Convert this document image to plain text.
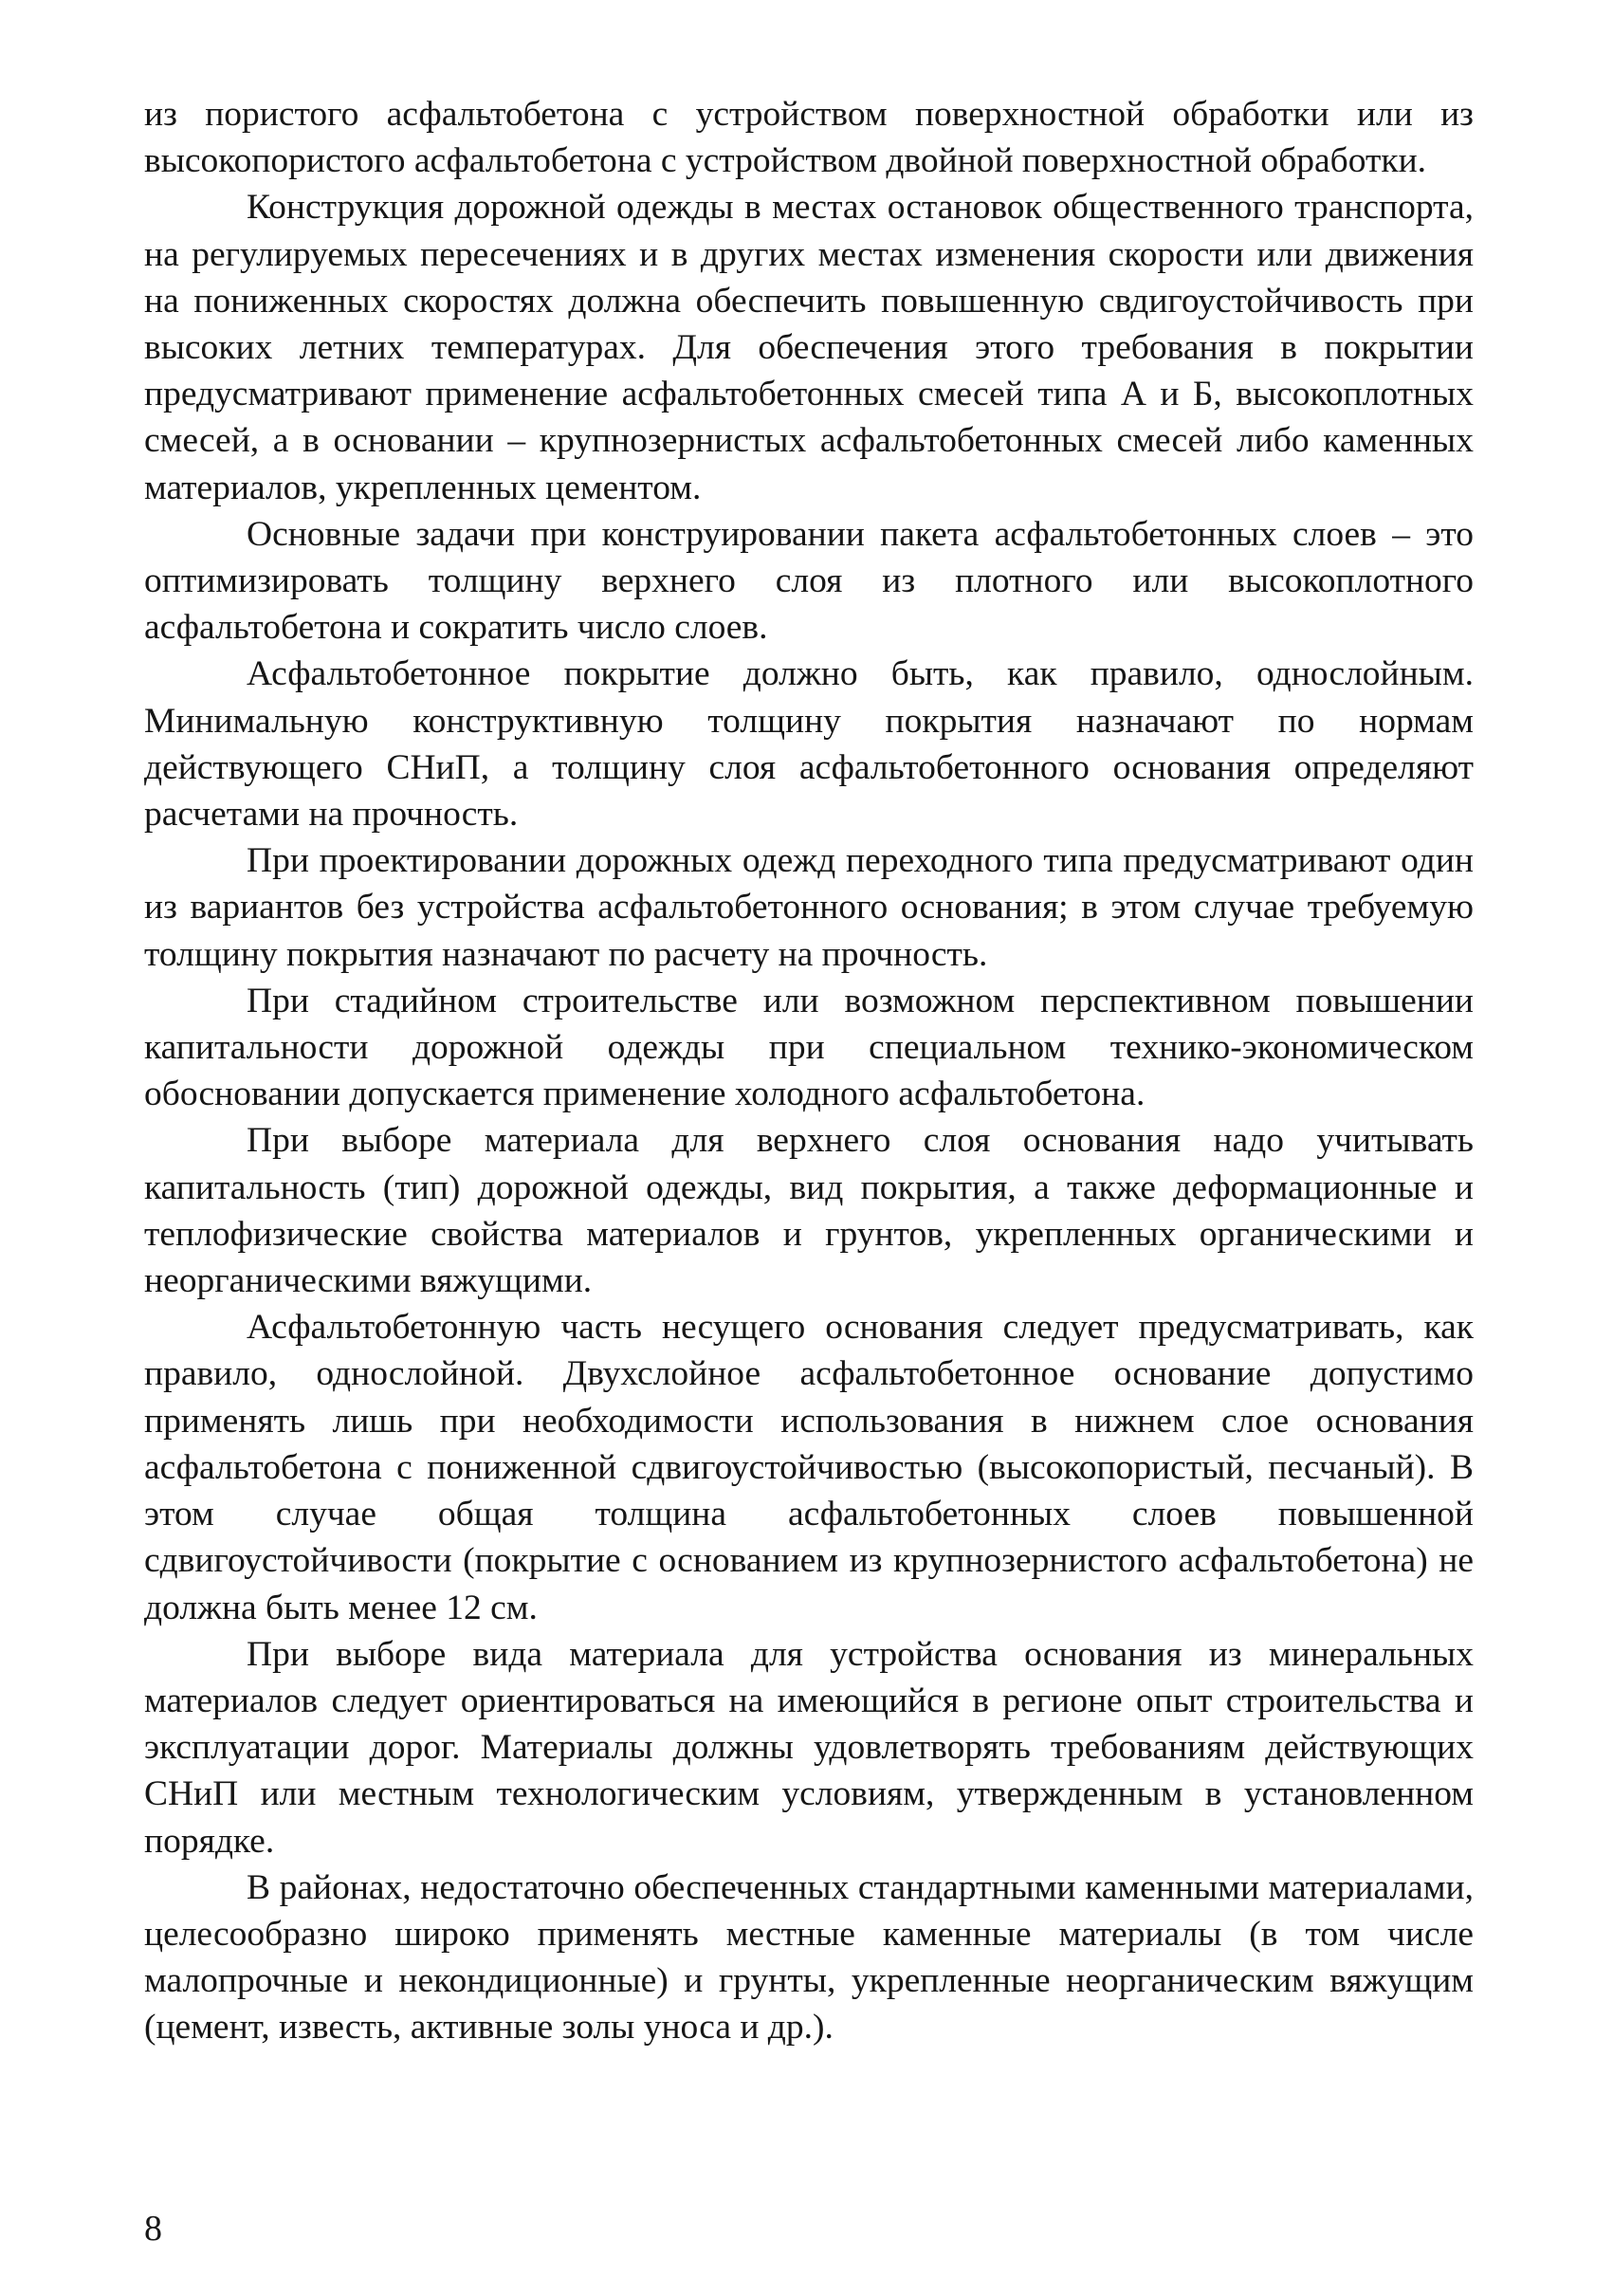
из пористого асфальтобетона с устройством поверхностной обработки или из высокопористого асфальтобетона с устройством двойной поверхностной обработки.

Конструкция дорожной одежды в местах остановок общественного транспорта, на регулируемых пересечениях и в других местах изменения скорости или движения на пониженных скоростях должна обеспечить повышенную свдигоустойчивость при высоких летних температурах. Для обеспечения этого требования в покрытии предусматривают применение асфальтобетонных смесей типа А и Б, высокоплотных смесей, а в основании – крупнозернистых асфальтобетонных смесей либо каменных материалов, укрепленных цементом.

Основные задачи при конструировании пакета асфальтобетонных слоев – это оптимизировать толщину верхнего слоя из плотного или высокоплотного асфальтобетона и сократить число слоев.

Асфальтобетонное покрытие должно быть, как правило, однослойным. Минимальную конструктивную толщину покрытия назначают по нормам действующего СНиП, а толщину слоя асфальтобетонного основания определяют расчетами на прочность.

При проектировании дорожных одежд переходного типа предусматривают один из вариантов без устройства асфальтобетонного основания; в этом случае требуемую толщину покрытия назначают по расчету на прочность.

При стадийном строительстве или возможном перспективном повышении капитальности дорожной одежды при специальном технико-экономическом обосновании допускается применение холодного асфальтобетона.

При выборе материала для верхнего слоя основания надо учитывать капитальность (тип) дорожной одежды, вид покрытия, а также деформационные и теплофизические свойства материалов и грунтов, укрепленных органическими и неорганическими вяжущими.

Асфальтобетонную часть несущего основания следует предусматривать, как правило, однослойной. Двухслойное асфальтобетонное основание допустимо применять лишь при необходимости использования в нижнем слое основания асфальтобетона с пониженной сдвигоустойчивостью (высокопористый, песчаный). В этом случае общая толщина асфальтобетонных слоев повышенной сдвигоустойчивости (покрытие с основанием из крупнозернистого асфальтобетона) не должна быть менее 12 см.

При выборе вида материала для устройства основания из минеральных материалов следует ориентироваться на имеющийся в регионе опыт строительства и эксплуатации дорог. Материалы должны удовлетворять требованиям действующих СНиП или местным технологическим условиям, утвержденным в установленном порядке.

В районах, недостаточно обеспеченных стандартными каменными материалами, целесообразно широко применять местные каменные материалы (в том числе малопрочные и некондиционные) и грунты, укрепленные неорганическим вяжущим (цемент, известь, активные золы уноса и др.).

8
